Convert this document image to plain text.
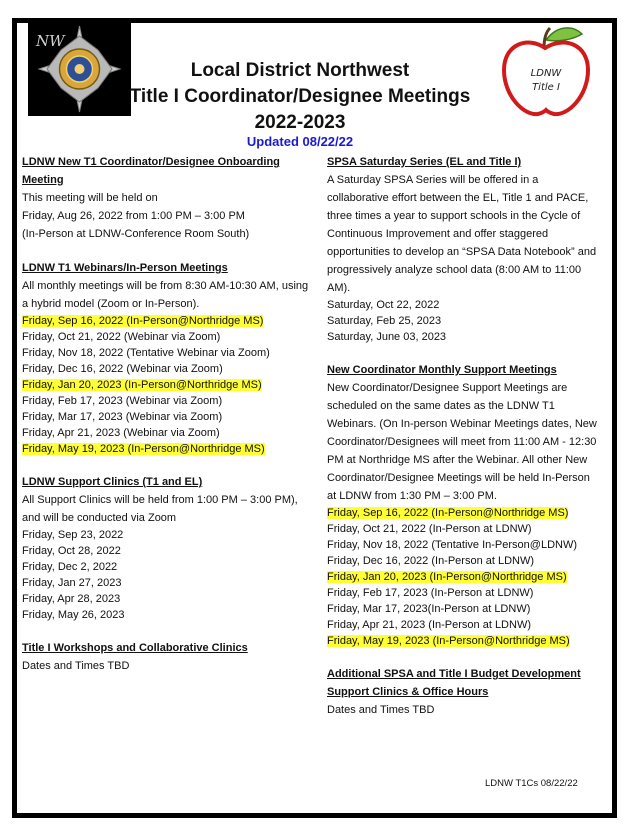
NW
LDNW
Title I
Local District Northwest
Title I Coordinator/Designee Meetings
2022-2023
Updated 08/22/22
LDNW New T1 Coordinator/Designee Onboarding Meeting
This meeting will be held on
Friday, Aug 26, 2022 from 1:00 PM – 3:00 PM
(In-Person at LDNW-Conference Room South)
LDNW T1 Webinars/In-Person Meetings
All monthly meetings will be from 8:30 AM-10:30 AM, using a hybrid model (Zoom or In-Person).
Friday, Sep 16, 2022 (In-Person@Northridge MS)
Friday, Oct 21, 2022 (Webinar via Zoom)
Friday, Nov 18, 2022 (Tentative Webinar via Zoom)
Friday, Dec 16, 2022 (Webinar via Zoom)
Friday, Jan 20, 2023 (In-Person@Northridge MS)
Friday, Feb 17, 2023 (Webinar via Zoom)
Friday, Mar 17, 2023 (Webinar via Zoom)
Friday, Apr 21, 2023 (Webinar via Zoom)
Friday, May 19, 2023 (In-Person@Northridge MS)
LDNW Support Clinics (T1 and EL)
All Support Clinics will be held from 1:00 PM – 3:00 PM), and will be conducted via Zoom
Friday, Sep 23, 2022
Friday, Oct 28, 2022
Friday, Dec 2, 2022
Friday, Jan 27, 2023
Friday, Apr 28, 2023
Friday, May 26, 2023
Title I Workshops and Collaborative Clinics
Dates and Times TBD
SPSA Saturday Series (EL and Title I)
A Saturday SPSA Series will be offered in a collaborative effort between the EL, Title 1 and PACE, three times a year to support schools in the Cycle of Continuous Improvement and offer staggered opportunities to develop an “SPSA Data Notebook” and progressively analyze school data (8:00 AM to 11:00 AM).
Saturday, Oct 22, 2022
Saturday, Feb 25, 2023
Saturday, June 03, 2023
New Coordinator Monthly Support Meetings
New Coordinator/Designee Support Meetings are scheduled on the same dates as the LDNW T1 Webinars. (On In-person Webinar Meetings dates, New Coordinator/Designees will meet from 11:00 AM - 12:30 PM at Northridge MS after the Webinar. All other New Coordinator/Designee Meetings will be held In-Person at LDNW from 1:30 PM – 3:00 PM.
Friday, Sep 16, 2022 (In-Person@Northridge MS)
Friday, Oct 21, 2022 (In-Person at LDNW)
Friday, Nov 18, 2022 (Tentative In-Person@LDNW)
Friday, Dec 16, 2022 (In-Person at LDNW)
Friday, Jan 20, 2023 (In-Person@Northridge MS)
Friday, Feb 17, 2023 (In-Person at LDNW)
Friday, Mar 17, 2023(In-Person at LDNW)
Friday, Apr 21, 2023 (In-Person at LDNW)
Friday, May 19, 2023 (In-Person@Northridge MS)
Additional SPSA and Title I Budget Development Support Clinics & Office Hours
Dates and Times TBD
LDNW T1Cs 08/22/22
